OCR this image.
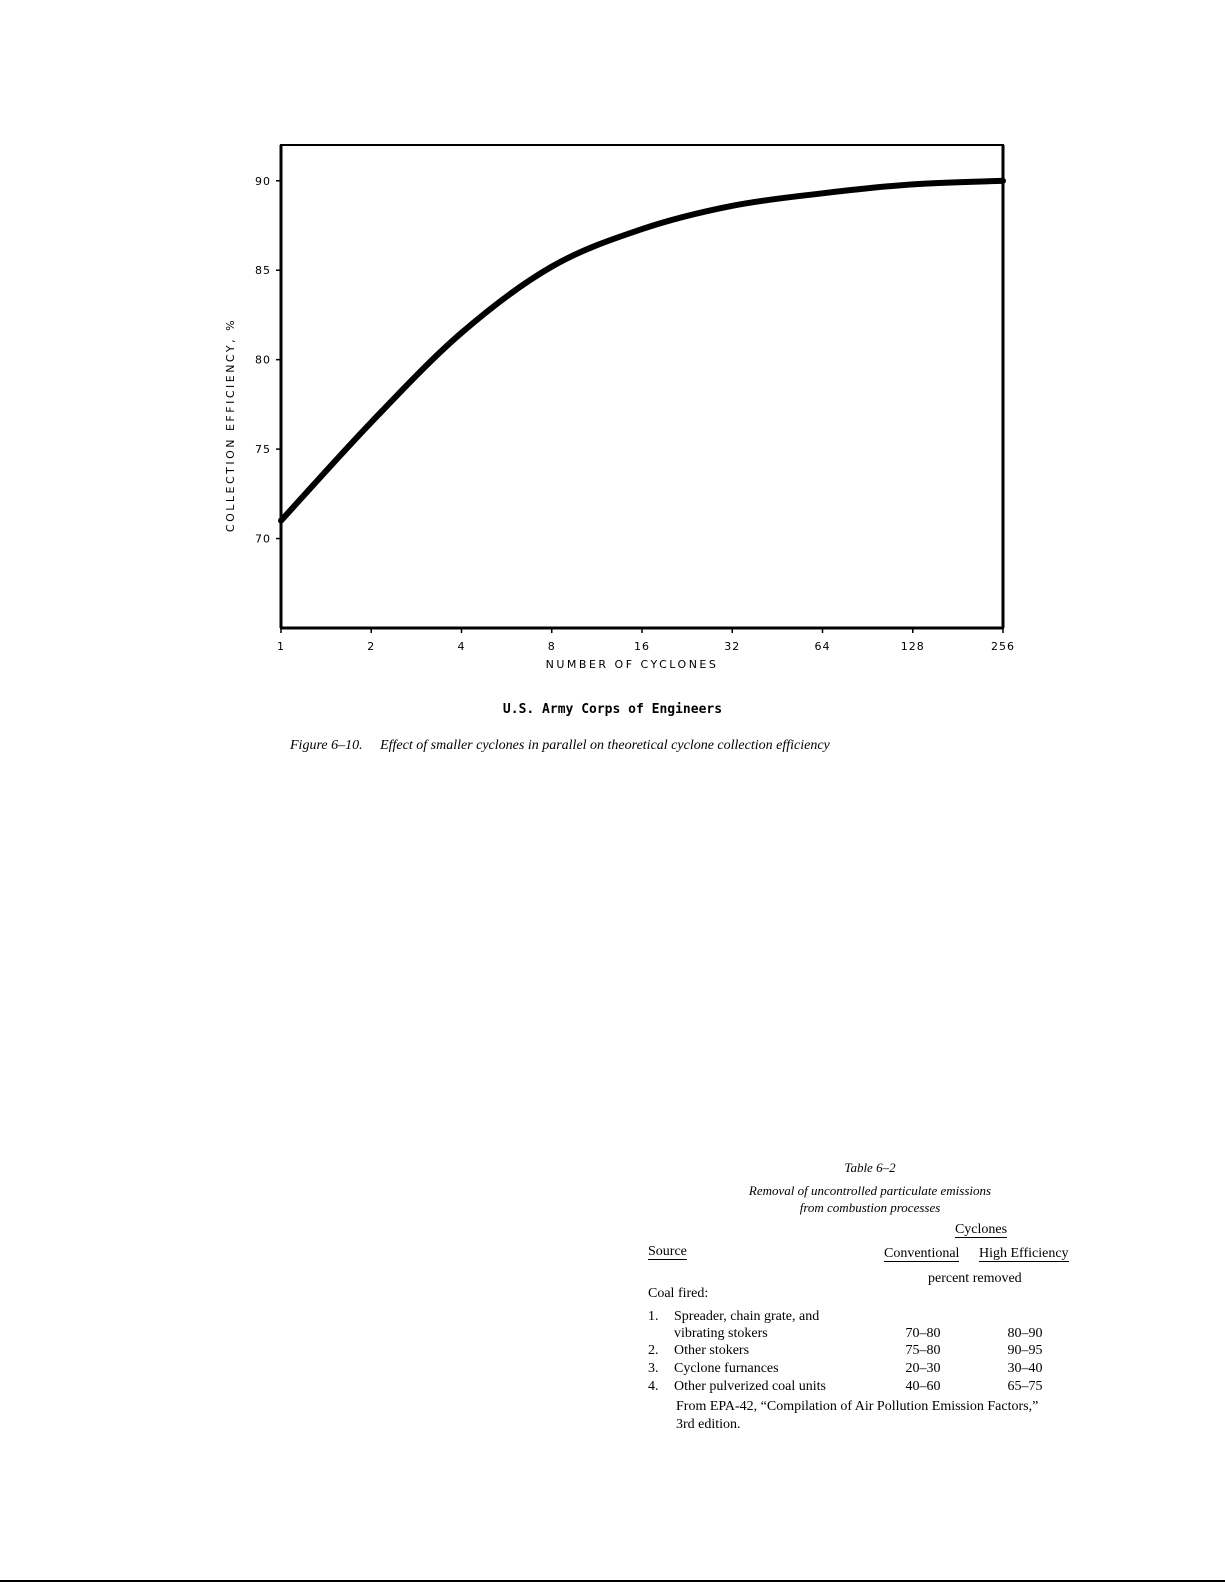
70
75
80
85
90
1	2	4	8	16	32	64	128	256
NUMBER OF CYCLONES
COLLECTION EFFICIENCY, %
U.S. Army Corps of Engineers
Figure 6–10. Effect of smaller cyclones in parallel on theoretical cyclone collection efficiency
Table 6–2
Removal of uncontrolled particulate emissions
from combustion processes
Cyclones
Source	Conventional High Efficiency
percent removed
Coal fired:
1. Spreader, chain grate, and
vibrating stokers	70–80	80–90
2. Other stokers	75–80	90–95
3. Cyclone furnances	20–30	30–40
4. Other pulverized coal units	40–60	65–75
From EPA-42, “Compilation of Air Pollution Emission Factors,”
3rd edition.
